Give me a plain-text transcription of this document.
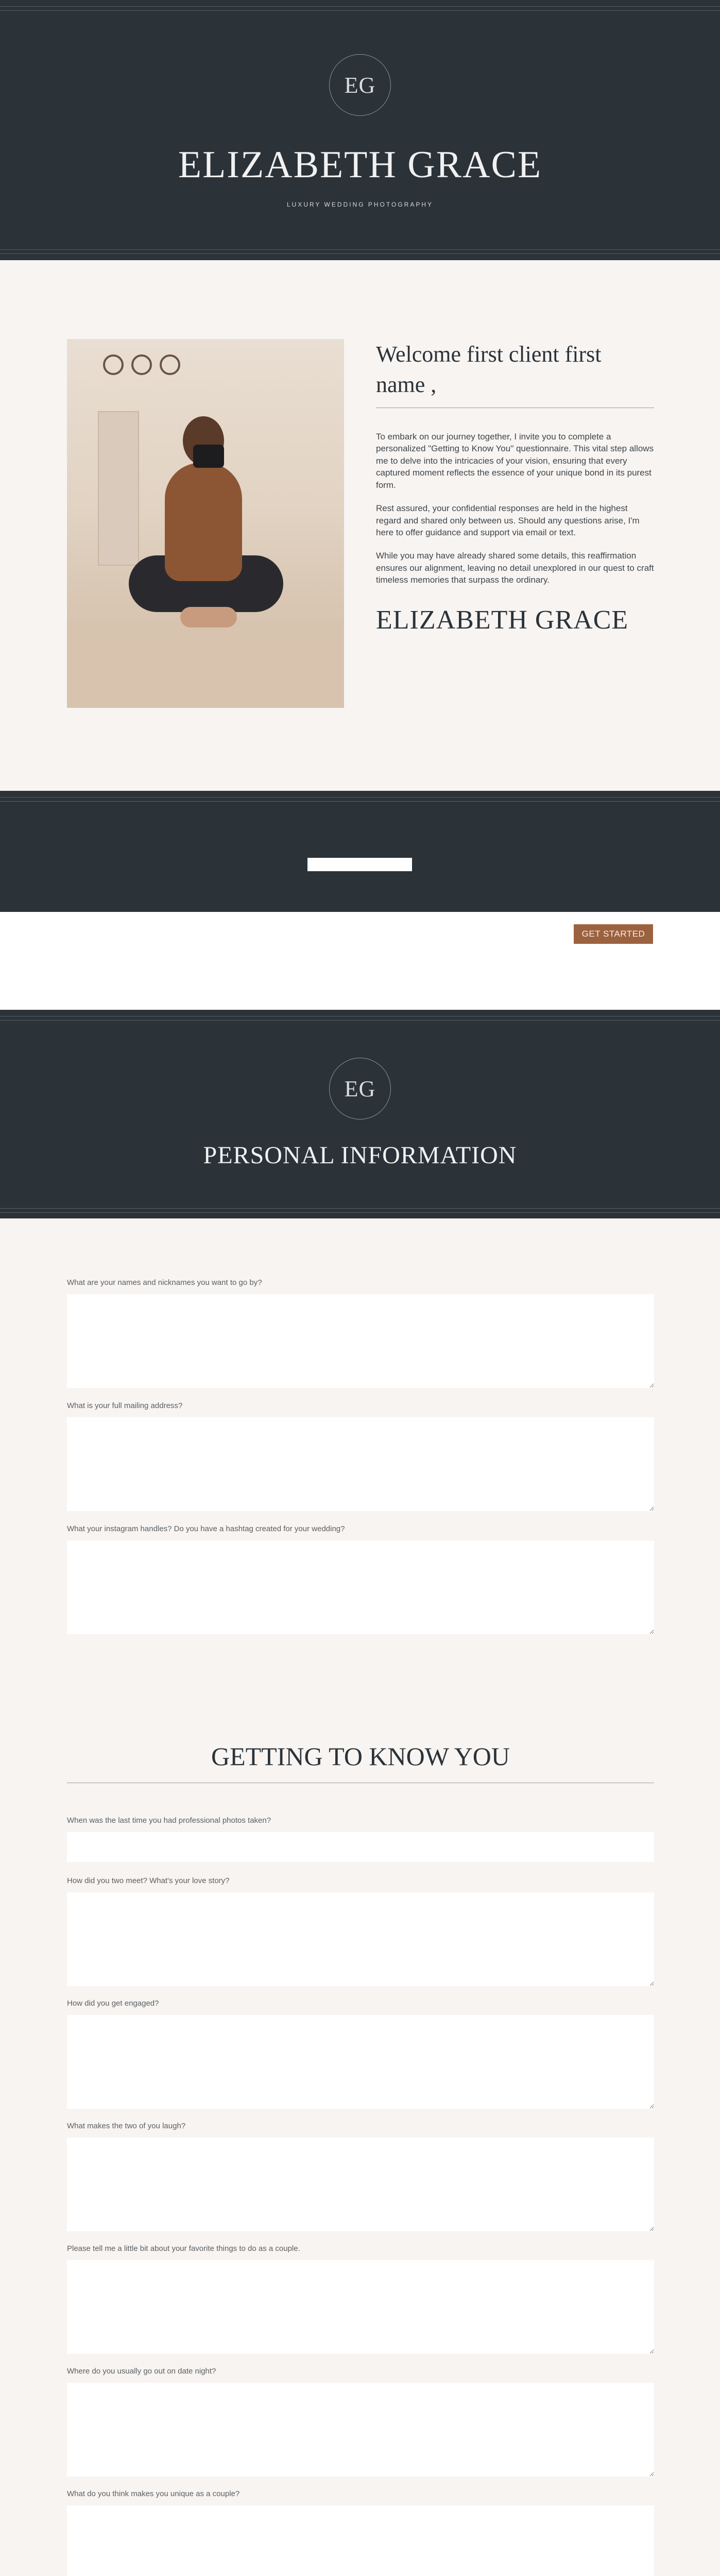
EG
ELIZABETH GRACE
LUXURY WEDDING PHOTOGRAPHY
Welcome first client first name ,

To embark on our journey together, I invite you to complete a personalized "Getting to Know You" questionnaire. This vital step allows me to delve into the intricacies of your vision, ensuring that every captured moment reflects the essence of your unique bond in its purest form.

Rest assured, your confidential responses are held in the highest regard and shared only between us. Should any questions arise, I'm here to offer guidance and support via email or text.

While you may have already shared some details, this reaffirmation ensures our alignment, leaving no detail unexplored in our quest to craft timeless memories that surpass the ordinary.

ELIZABETH GRACE
GET STARTED
EG
PERSONAL INFORMATION
What are your names and nicknames you want to go by?
What is your full mailing address?
What your instagram handles? Do you have a hashtag created for your wedding?
GETTING TO KNOW YOU
When was the last time you had professional photos taken?
How did you two meet? What's your love story?
How did you get engaged?
What makes the two of you laugh?
Please tell me a little bit about your favorite things to do as a couple.
Where do you usually go out on date night?
What do you think makes you unique as a couple?
